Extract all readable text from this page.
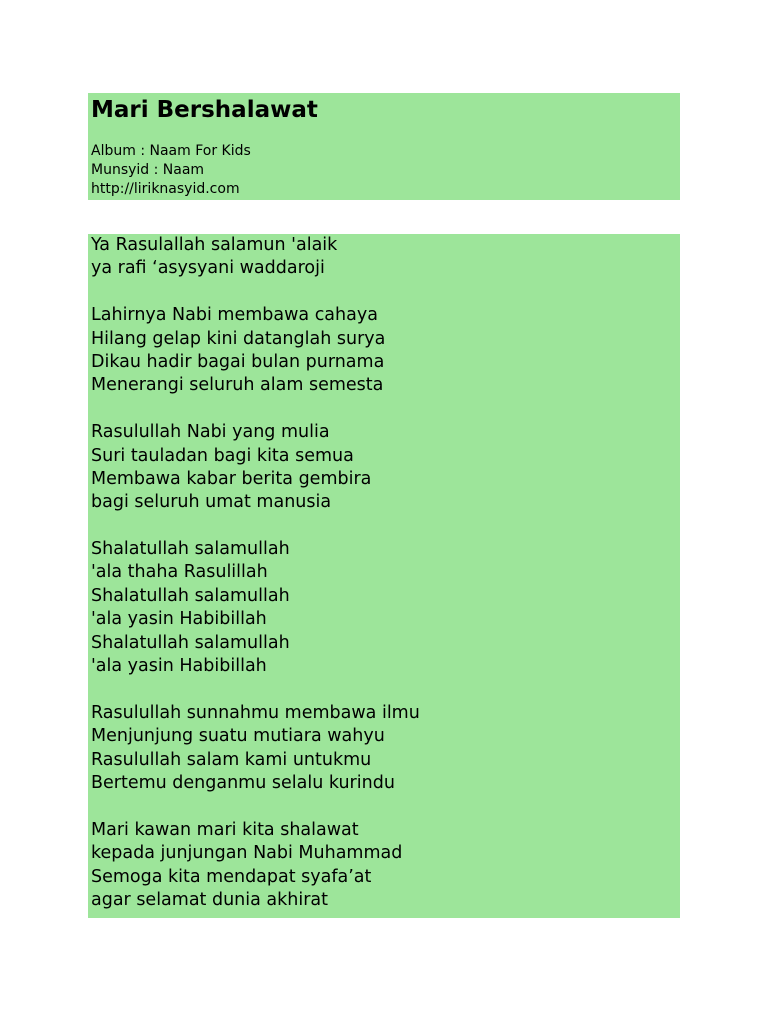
Mari Bershalawat
Album : Naam For Kids
Munsyid : Naam
http://liriknasyid.com
Ya Rasulallah salamun 'alaik
ya rafi ‘asysyani waddaroji
Lahirnya Nabi membawa cahaya
Hilang gelap kini datanglah surya
Dikau hadir bagai bulan purnama
Menerangi seluruh alam semesta
Rasulullah Nabi yang mulia
Suri tauladan bagi kita semua
Membawa kabar berita gembira
bagi seluruh umat manusia
Shalatullah salamullah
'ala thaha Rasulillah
Shalatullah salamullah
'ala yasin Habibillah
Shalatullah salamullah
'ala yasin Habibillah
Rasulullah sunnahmu membawa ilmu
Menjunjung suatu mutiara wahyu
Rasulullah salam kami untukmu
Bertemu denganmu selalu kurindu
Mari kawan mari kita shalawat
kepada junjungan Nabi Muhammad
Semoga kita mendapat syafa’at
agar selamat dunia akhirat
